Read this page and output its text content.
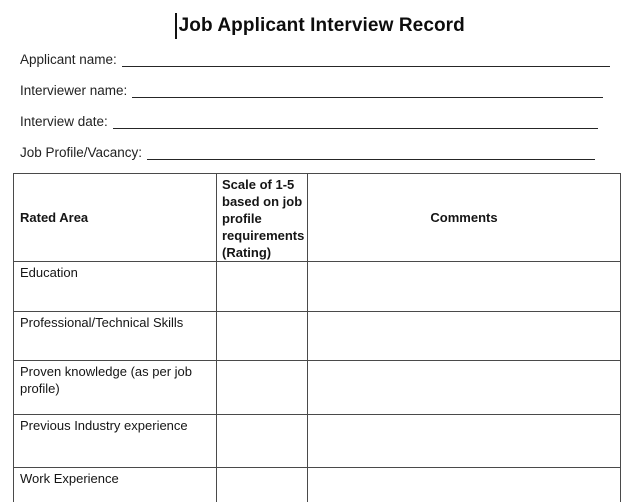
Job Applicant Interview Record
Applicant name:
Interviewer name:
Interview date:
Job Profile/Vacancy:
Rated Area	Scale of 1-5 based on job profile requirements (Rating)	Comments
Education		
Professional/Technical Skills		
Proven knowledge (as per job profile)		
Previous Industry experience		
Work Experience		
